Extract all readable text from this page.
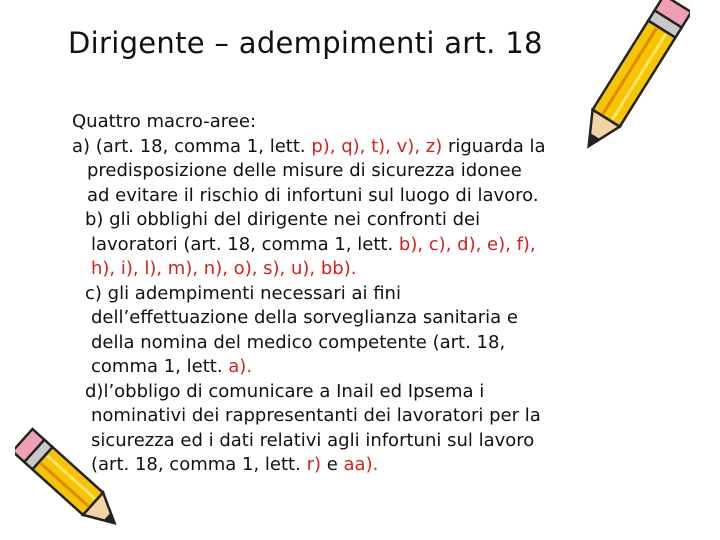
Dirigente – adempimenti art. 18
Quattro macro-aree:
a) (art. 18, comma 1, lett. p), q), t), v), z) riguarda la
predisposizione delle misure di sicurezza idonee
ad evitare il rischio di infortuni sul luogo di lavoro.
b) gli obblighi del dirigente nei confronti dei
lavoratori (art. 18, comma 1, lett. b), c), d), e), f),
h), i), l), m), n), o), s), u), bb).
c) gli adempimenti necessari ai fini
dell’effettuazione della sorveglianza sanitaria e
della nomina del medico competente (art. 18,
comma 1, lett. a).
d)l’obbligo di comunicare a Inail ed Ipsema i
nominativi dei rappresentanti dei lavoratori per la
sicurezza ed i dati relativi agli infortuni sul lavoro
(art. 18, comma 1, lett. r) e aa).
